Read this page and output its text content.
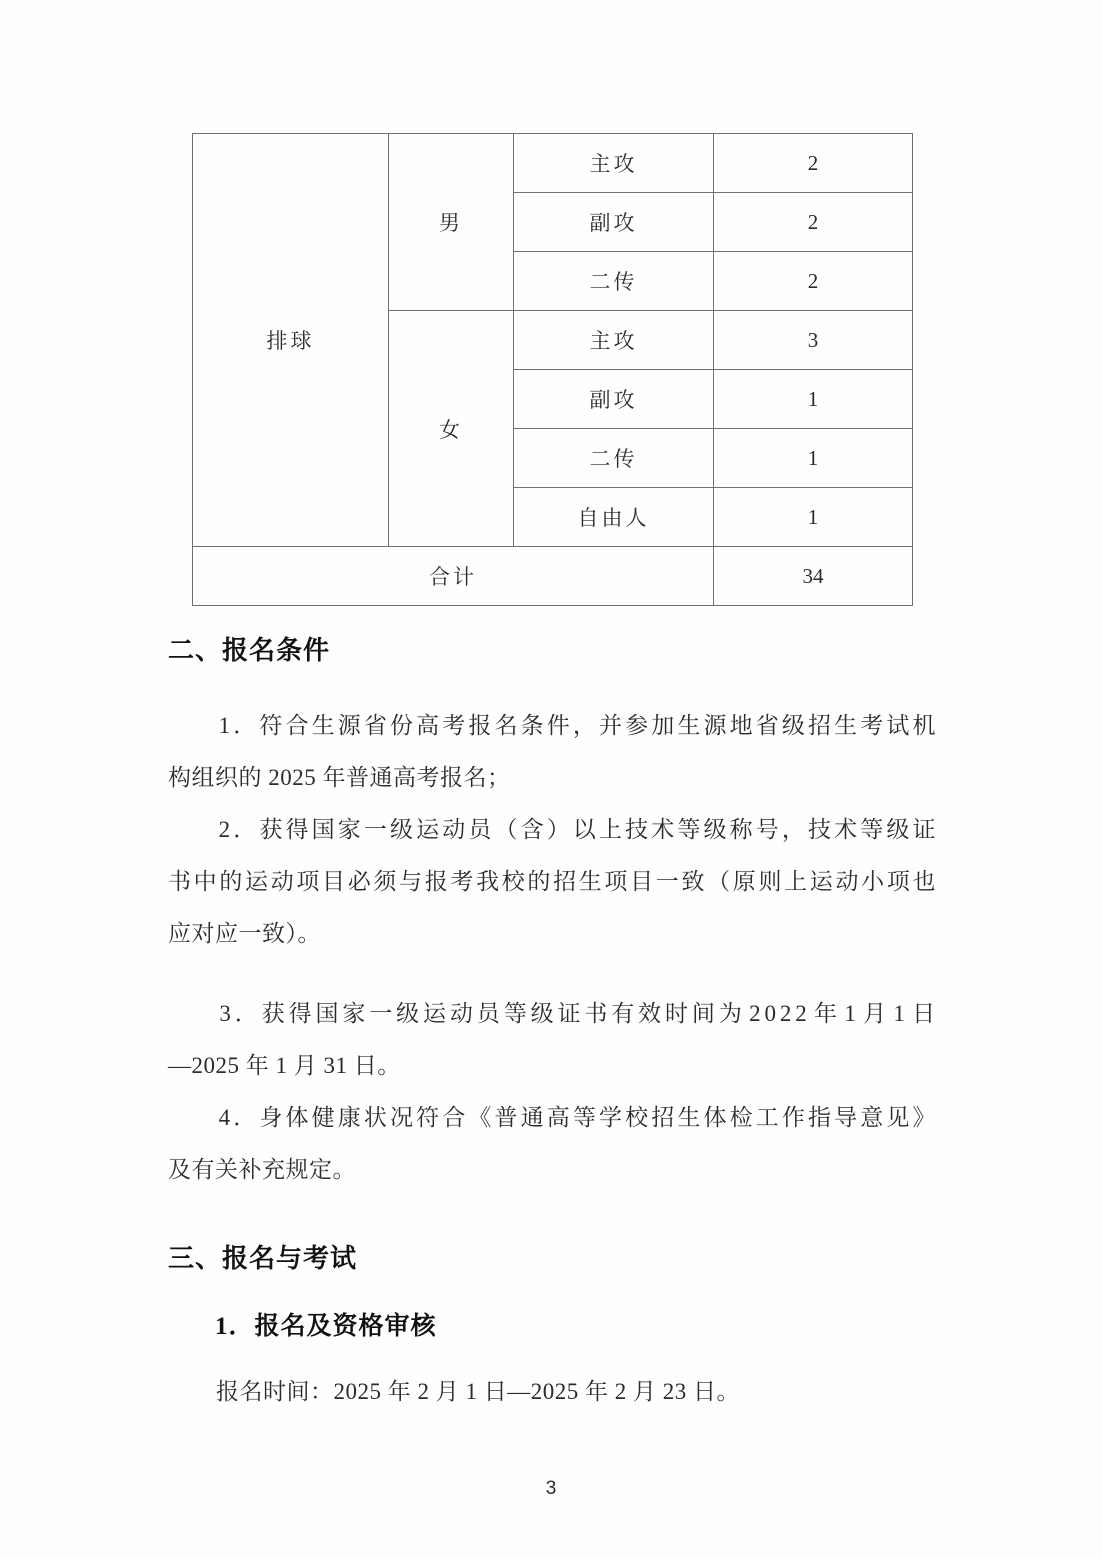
排球	男	主攻	2
		副攻	2
		二传	2
	女	主攻	3
		副攻	1
		二传	1
		自由人	1
合计			34
二、报名条件
1 ． 符 合 生 源 省 份 高 考 报 名 条 件 ， 并 参 加 生 源 地 省 级 招 生 考 试 机
构组织的 2025 年普通高考报名；
2 ． 获 得 国 家 一 级 运 动 员 （ 含 ） 以 上 技 术 等 级 称 号 ， 技 术 等 级 证
书 中 的 运 动 项 目 必 须 与 报 考 我 校 的 招 生 项 目 一 致 （ 原 则 上 运 动 小 项 也
应对应一致）。
3 ． 获 得 国 家 一 级 运 动 员 等 级 证 书 有 效 时 间 为 2 0 2 2 年 1 月 1 日
—2025 年 1 月 31 日。
4 ． 身 体 健 康 状 况 符 合 《 普 通 高 等 学 校 招 生 体 检 工 作 指 导 意 见 》
及有关补充规定。
三、报名与考试
1．报名及资格审核
报名时间：2025 年 2 月 1 日—2025 年 2 月 23 日。
3
